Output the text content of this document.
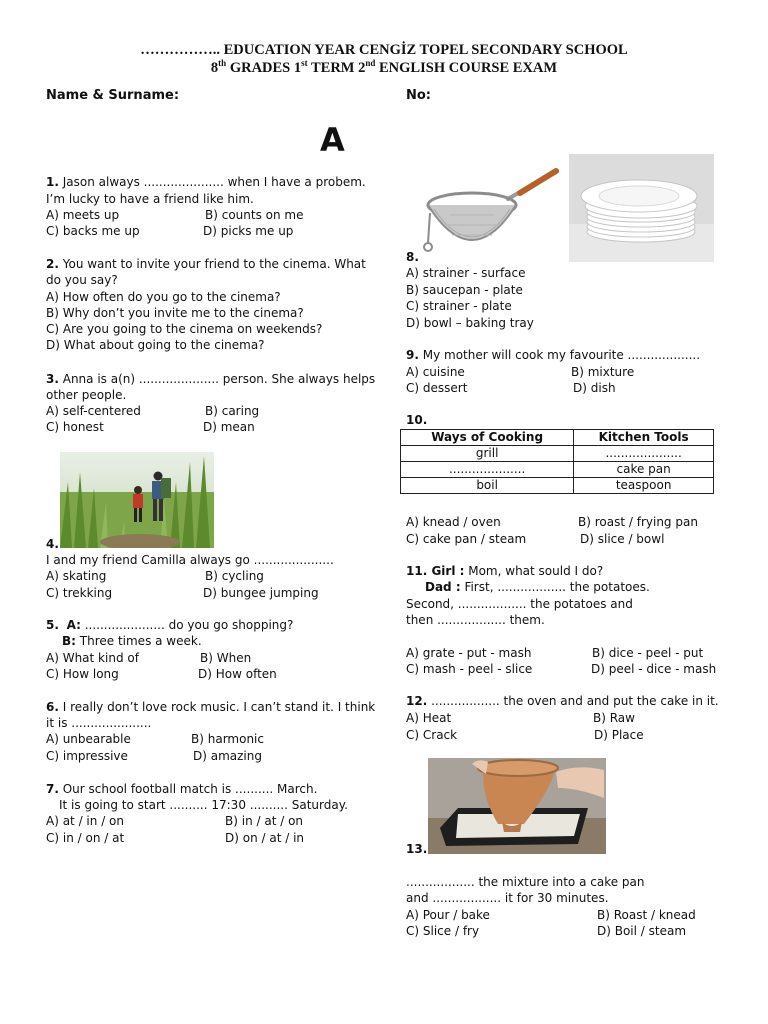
…………….. EDUCATION YEAR CENGİZ TOPEL SECONDARY SCHOOL
8th GRADES 1st TERM 2nd ENGLISH COURSE EXAM
Name & Surname:	No:
A
1. Jason always ..................... when I have a probem.
I’m lucky to have a friend like him.
A) meets up	B) counts on me
C) backs me up	D) picks me up
2. You want to invite your friend to the cinema. What
do you say?
A) How often do you go to the cinema?
B) Why don’t you invite me to the cinema?
C) Are you going to the cinema on weekends?
D) What about going to the cinema?
3. Anna is a(n) ..................... person. She always helps
other people.
A) self-centered	B) caring
C) honest	D) mean
4.
I and my friend Camilla always go .....................
A) skating	B) cycling
C) trekking	D) bungee jumping
5. A: ..................... do you go shopping?
B: Three times a week.
A) What kind of	B) When
C) How long	D) How often
6. I really don’t love rock music. I can’t stand it. I think
it is .....................
A) unbearable	B) harmonic
C) impressive	D) amazing
7. Our school football match is .......... March.
It is going to start .......... 17:30 .......... Saturday.
A) at / in / on	B) in / at / on
C) in / on / at	D) on / at / in
8.
A) strainer - surface
B) saucepan - plate
C) strainer - plate
D) bowl – baking tray
9. My mother will cook my favourite ...................
A) cuisine	B) mixture
C) dessert	D) dish
10.
Ways of Cooking	Kitchen Tools
grill	....................
....................	cake pan
boil	teaspoon
A) knead / oven	B) roast / frying pan
C) cake pan / steam	D) slice / bowl
11. Girl : Mom, what sould I do?
Dad : First, .................. the potatoes.
Second, .................. the potatoes and
then .................. them.
A) grate - put - mash	B) dice - peel - put
C) mash - peel - slice	D) peel - dice - mash
12. .................. the oven and and put the cake in it.
A) Heat	B) Raw
C) Crack	D) Place
13.
.................. the mixture into a cake pan
and .................. it for 30 minutes.
A) Pour / bake	B) Roast / knead
C) Slice / fry	D) Boil / steam
